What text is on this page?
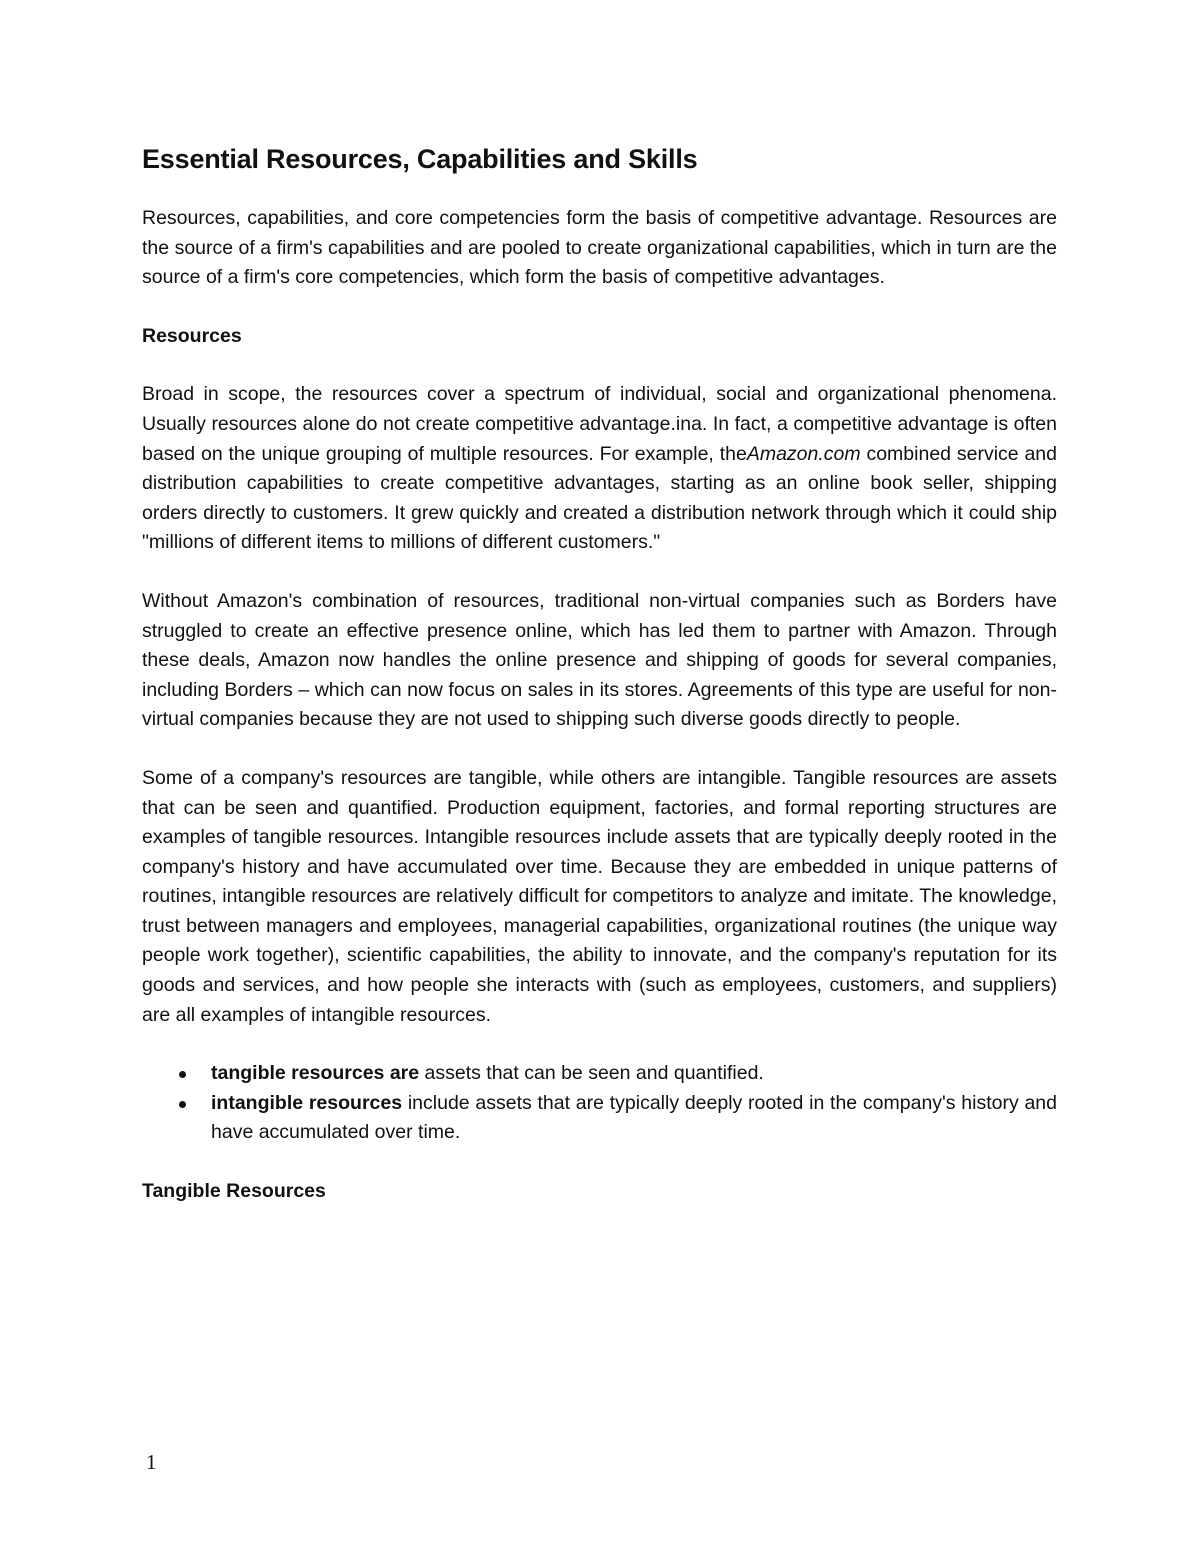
Essential Resources, Capabilities and Skills

Resources, capabilities, and core competencies form the basis of competitive advantage. Resources are the source of a firm's capabilities and are pooled to create organizational capabilities, which in turn are the source of a firm's core competencies, which form the basis of competitive advantages.

Resources

Broad in scope, the resources cover a spectrum of individual, social and organizational phenomena. Usually resources alone do not create competitive advantage.ina. In fact, a competitive advantage is often based on the unique grouping of multiple resources. For example, theAmazon.com combined service and distribution capabilities to create competitive advantages, starting as an online book seller, shipping orders directly to customers. It grew quickly and created a distribution network through which it could ship "millions of different items to millions of different customers."

Without Amazon's combination of resources, traditional non-virtual companies such as Borders have struggled to create an effective presence online, which has led them to partner with Amazon. Through these deals, Amazon now handles the online presence and shipping of goods for several companies, including Borders – which can now focus on sales in its stores. Agreements of this type are useful for non-virtual companies because they are not used to shipping such diverse goods directly to people.

Some of a company's resources are tangible, while others are intangible. Tangible resources are assets that can be seen and quantified. Production equipment, factories, and formal reporting structures are examples of tangible resources. Intangible resources include assets that are typically deeply rooted in the company's history and have accumulated over time. Because they are embedded in unique patterns of routines, intangible resources are relatively difficult for competitors to analyze and imitate. The knowledge, trust between managers and employees, managerial capabilities, organizational routines (the unique way people work together), scientific capabilities, the ability to innovate, and the company's reputation for its goods and services, and how people she interacts with (such as employees, customers, and suppliers) are all examples of intangible resources.

tangible resources are assets that can be seen and quantified.
intangible resources include assets that are typically deeply rooted in the company's history and have accumulated over time.
Tangible Resources
1
